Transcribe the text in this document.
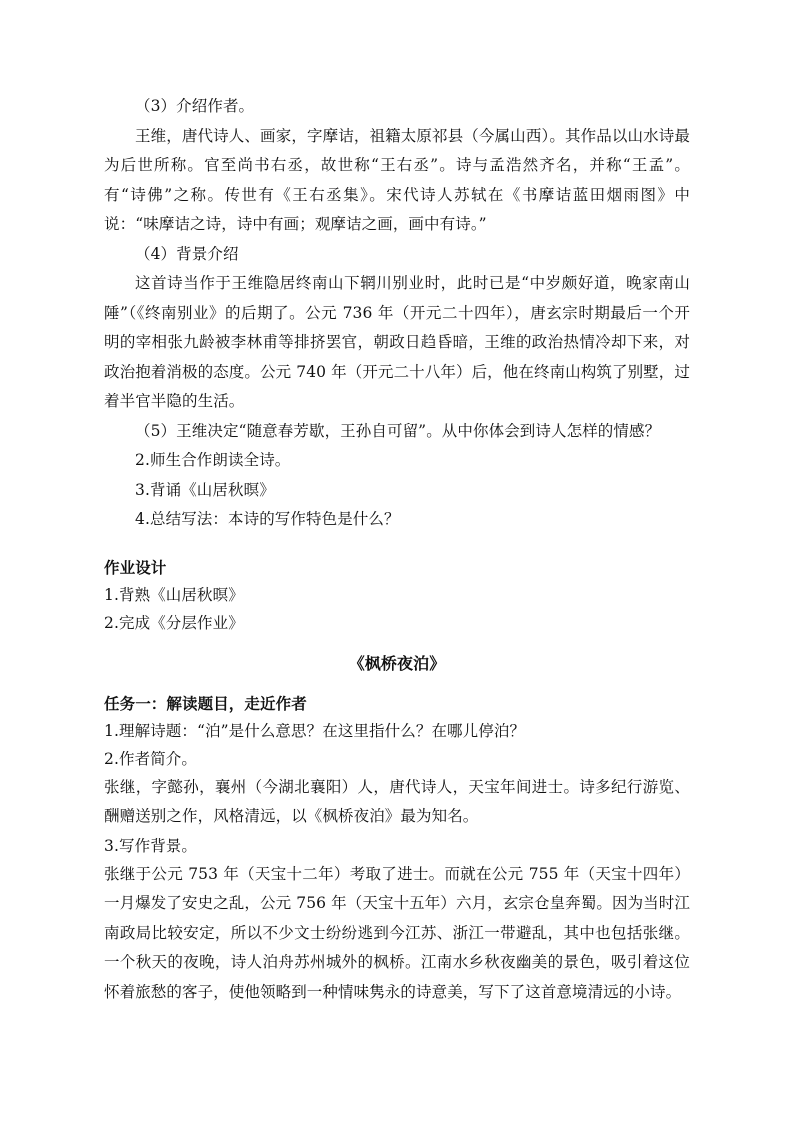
（3）介绍作者。

王维，唐代诗人、画家，字摩诘，祖籍太原祁县（今属山西）。其作品以山水诗最为后世所称。官至尚书右丞，故世称“王右丞”。诗与孟浩然齐名，并称“王孟”。有“诗佛”之称。传世有《王右丞集》。宋代诗人苏轼在《书摩诘蓝田烟雨图》中说：“味摩诘之诗，诗中有画；观摩诘之画，画中有诗。”

（4）背景介绍

这首诗当作于王维隐居终南山下辋川别业时，此时已是“中岁颇好道，晚家南山陲”（《终南别业》的后期了。公元 736 年（开元二十四年），唐玄宗时期最后一个开明的宰相张九龄被李林甫等排挤罢官，朝政日趋昏暗，王维的政治热情冷却下来，对政治抱着消极的态度。公元 740 年（开元二十八年）后，他在终南山构筑了别墅，过着半官半隐的生活。

（5）王维决定“随意春芳歇，王孙自可留”。从中你体会到诗人怎样的情感？

2.师生合作朗读全诗。

3.背诵《山居秋暝》

4.总结写法：本诗的写作特色是什么？

作业设计

1.背熟《山居秋暝》

2.完成《分层作业》

《枫桥夜泊》

任务一：解读题目，走近作者

1.理解诗题：“泊”是什么意思？在这里指什么？在哪儿停泊？

2.作者简介。

张继，字懿孙，襄州（今湖北襄阳）人，唐代诗人，天宝年间进士。诗多纪行游览、酬赠送别之作，风格清远，以《枫桥夜泊》最为知名。

3.写作背景。

张继于公元 753 年（天宝十二年）考取了进士。而就在公元 755 年（天宝十四年）一月爆发了安史之乱，公元 756 年（天宝十五年）六月，玄宗仓皇奔蜀。因为当时江南政局比较安定，所以不少文士纷纷逃到今江苏、浙江一带避乱，其中也包括张继。一个秋天的夜晚，诗人泊舟苏州城外的枫桥。江南水乡秋夜幽美的景色，吸引着这位怀着旅愁的客子，使他领略到一种情味隽永的诗意美，写下了这首意境清远的小诗。
